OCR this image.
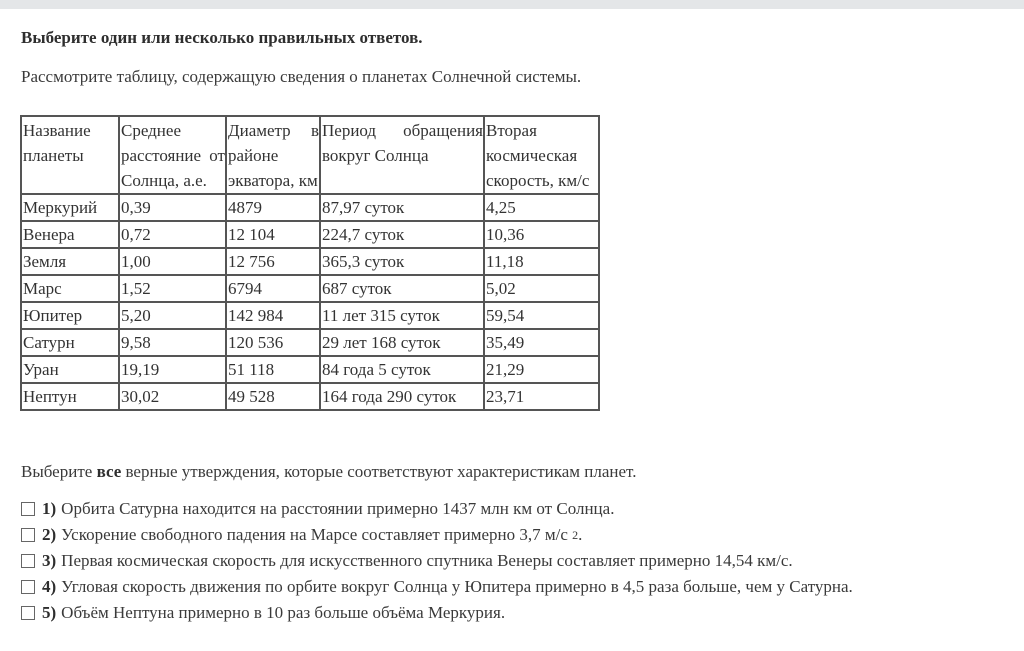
Выберите один или несколько правильных ответов.
Рассмотрите таблицу, содержащую сведения о планетах Солнечной системы.
Название планеты	Среднее расстояние от Солнца, а.е.	Диаметр в районе экватора, км	Период обращения вокруг Солнца	Вторая космическая скорость, км/с
Меркурий	0,39	4879	87,97 суток	4,25
Венера	0,72	12 104	224,7 суток	10,36
Земля	1,00	12 756	365,3 суток	11,18
Марс	1,52	6794	687 суток	5,02
Юпитер	5,20	142 984	11 лет 315 суток	59,54
Сатурн	9,58	120 536	29 лет 168 суток	35,49
Уран	19,19	51 118	84 года 5 суток	21,29
Нептун	30,02	49 528	164 года 290 суток	23,71
Выберите все верные утверждения, которые соответствуют характеристикам планет.
1) Орбита Сатурна находится на расстоянии примерно 1437 млн км от Солнца.
2) Ускорение свободного падения на Марсе составляет примерно 3,7 м/с
2 .
3) Первая космическая скорость для искусственного спутника Венеры составляет примерно 14,54 км/с.
4) Угловая скорость движения по орбите вокруг Солнца у Юпитера примерно в 4,5 раза больше, чем у Сатурна.
5) Объём Нептуна примерно в 10 раз больше объёма Меркурия.
